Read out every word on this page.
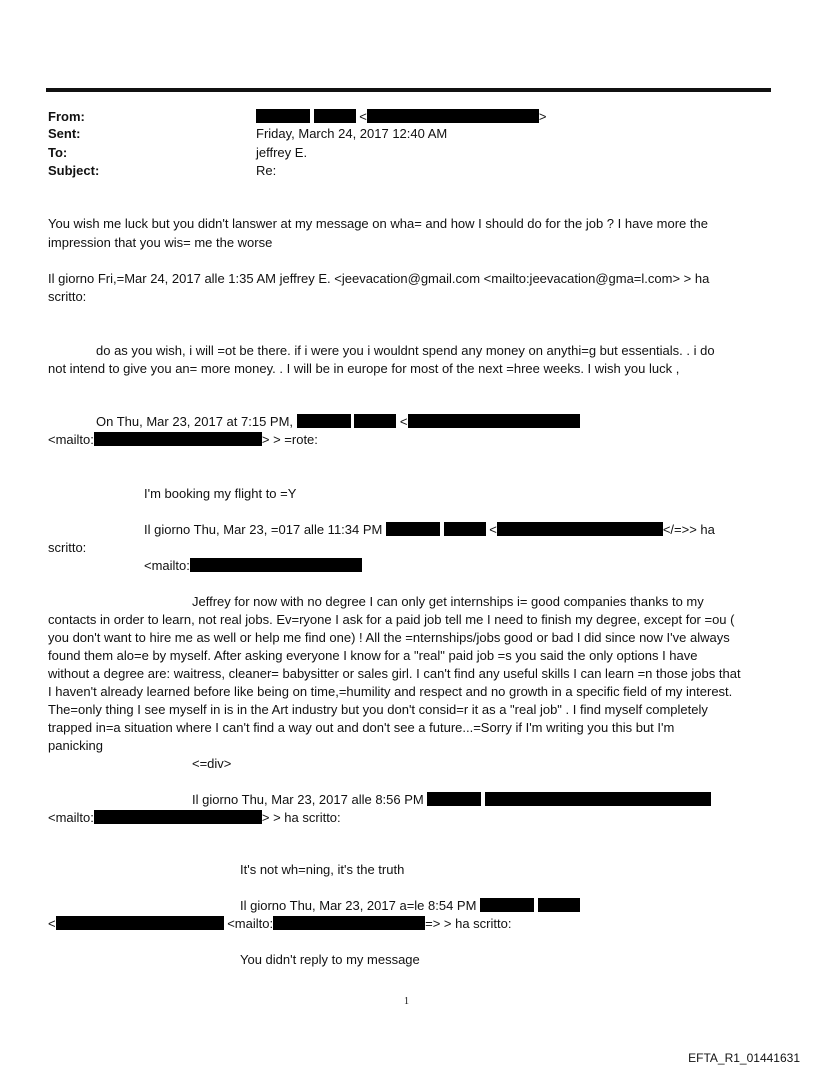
From:	<	>
Sent:	Friday, March 24, 2017 12:40 AM
To:	jeffrey E.
Subject:	Re:
You wish me luck but you didn't lanswer at my message on wha= and how I should do for the job ? I have more the
impression that you wis= me the worse
Il giorno Fri,=Mar 24, 2017 alle 1:35 AM jeffrey E. <jeevacation@gmail.com <mailto:jeevacation@gma=l.com> > ha
scritto:
do as you wish, i will =ot be there. if i were you i wouldnt spend any money on anythi=g but essentials. . i do
not intend to give you an= more money. . I will be in europe for most of the next =hree weeks. I wish you luck ,
On Thu, Mar 23, 2017 at 7:15 PM,	<
<mailto:	> > =rote:
I'm booking my flight to =Y
Il giorno Thu, Mar 23, =017 alle 11:34 PM	<	</=>> ha
scritto:
<mailto:
Jeffrey for now with no degree I can only get internships i= good companies thanks to my
contacts in order to learn, not real jobs. Ev=ryone I ask for a paid job tell me I need to finish my degree, except for =ou (
you don't want to hire me as well or help me find one) ! All the =nternships/jobs good or bad I did since now I've always
found them alo=e by myself. After asking everyone I know for a "real" paid job =s you said the only options I have
without a degree are: waitress, cleaner= babysitter or sales girl. I can't find any useful skills I can learn =n those jobs that
I haven't already learned before like being on time,=humility and respect and no growth in a specific field of my interest.
The=only thing I see myself in is in the Art industry but you don't consid=r it as a "real job" . I find myself completely
trapped in=a situation where I can't find a way out and don't see a future...=Sorry if I'm writing you this but I'm
panicking
<=div>
Il giorno Thu, Mar 23, 2017 alle 8:56 PM
<mailto:	> > ha scritto:
It's not wh=ning, it's the truth
Il giorno Thu, Mar 23, 2017 a=le 8:54 PM
<	<mailto:	=> > ha scritto:
You didn't reply to my message
1
EFTA_R1_01441631
